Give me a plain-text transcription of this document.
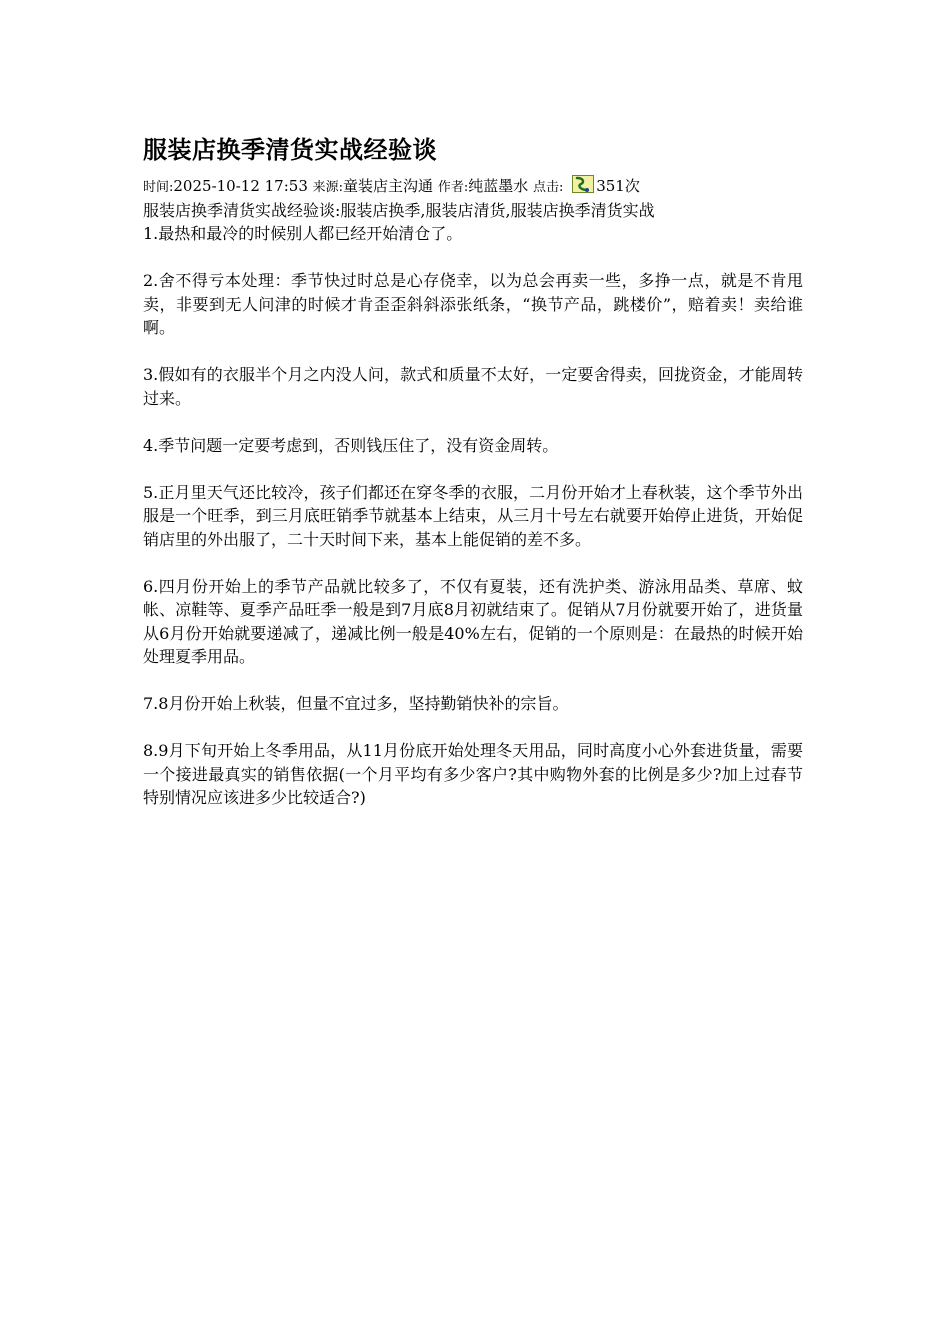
服装店换季清货实战经验谈
时间:2025-10-12 17:53 来源:童装店主沟通 作者:纯蓝墨水 点击: 351次
服装店换季清货实战经验谈:服装店换季,服装店清货,服装店换季清货实战

1.最热和最冷的时候别人都已经开始清仓了。

2.舍不得亏本处理：季节快过时总是心存侥幸，以为总会再卖一些，多挣一点，就是不肯甩卖，非要到无人问津的时候才肯歪歪斜斜添张纸条，“换节产品，跳楼价”，赔着卖！卖给谁啊。

3.假如有的衣服半个月之内没人问，款式和质量不太好，一定要舍得卖，回拢资金，才能周转过来。

4.季节问题一定要考虑到，否则钱压住了，没有资金周转。

5.正月里天气还比较冷，孩子们都还在穿冬季的衣服，二月份开始才上春秋装，这个季节外出服是一个旺季，到三月底旺销季节就基本上结束，从三月十号左右就要开始停止进货，开始促销店里的外出服了，二十天时间下来，基本上能促销的差不多。

6.四月份开始上的季节产品就比较多了，不仅有夏装，还有洗护类、游泳用品类、草席、蚊帐、凉鞋等、夏季产品旺季一般是到7月底8月初就结束了。促销从7月份就要开始了，进货量从6月份开始就要递减了，递减比例一般是40%左右，促销的一个原则是：在最热的时候开始处理夏季用品。

7.8月份开始上秋装，但量不宜过多，坚持勤销快补的宗旨。

8.9月下旬开始上冬季用品，从11月份底开始处理冬天用品，同时高度小心外套进货量，需要一个接进最真实的销售依据(一个月平均有多少客户?其中购物外套的比例是多少?加上过春节特别情况应该进多少比较适合?)
